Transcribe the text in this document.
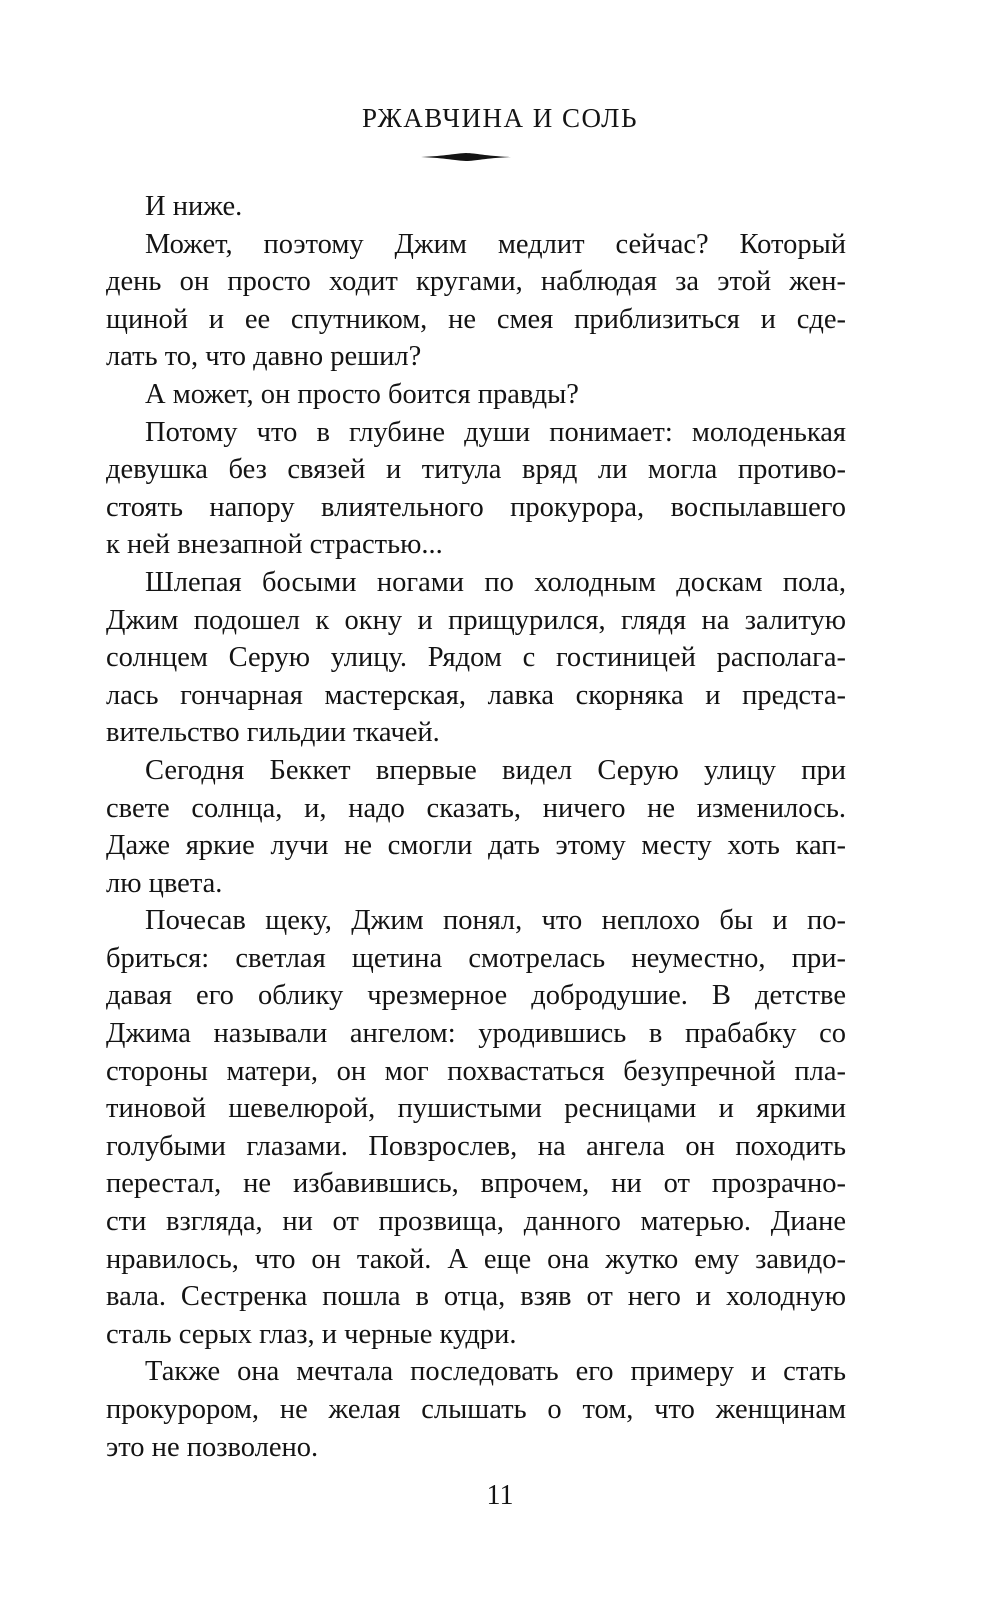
РЖАВЧИНА И СОЛЬ
И ниже.
Может, поэтому Джим медлит сейчас? Который
день он просто ходит кругами, наблюдая за этой жен-
щиной и ее спутником, не смея приблизиться и сде-
лать то, что давно решил?
А может, он просто боится правды?
Потому что в глубине души понимает: молоденькая
девушка без связей и титула вряд ли могла противо-
стоять напору влиятельного прокурора, воспылавшего
к ней внезапной страстью...
Шлепая босыми ногами по холодным доскам пола,
Джим подошел к окну и прищурился, глядя на залитую
солнцем Серую улицу. Рядом с гостиницей располага-
лась гончарная мастерская, лавка скорняка и предста-
вительство гильдии ткачей.
Сегодня Беккет впервые видел Серую улицу при
свете солнца, и, надо сказать, ничего не изменилось.
Даже яркие лучи не смогли дать этому месту хоть кап-
лю цвета.
Почесав щеку, Джим понял, что неплохо бы и по-
бриться: светлая щетина смотрелась неуместно, при-
давая его облику чрезмерное добродушие. В детстве
Джима называли ангелом: уродившись в прабабку со
стороны матери, он мог похвастаться безупречной пла-
тиновой шевелюрой, пушистыми ресницами и яркими
голубыми глазами. Повзрослев, на ангела он походить
перестал, не избавившись, впрочем, ни от прозрачно-
сти взгляда, ни от прозвища, данного матерью. Диане
нравилось, что он такой. А еще она жутко ему завидо-
вала. Сестренка пошла в отца, взяв от него и холодную
сталь серых глаз, и черные кудри.
Также она мечтала последовать его примеру и стать
прокурором, не желая слышать о том, что женщинам
это не позволено.
11
